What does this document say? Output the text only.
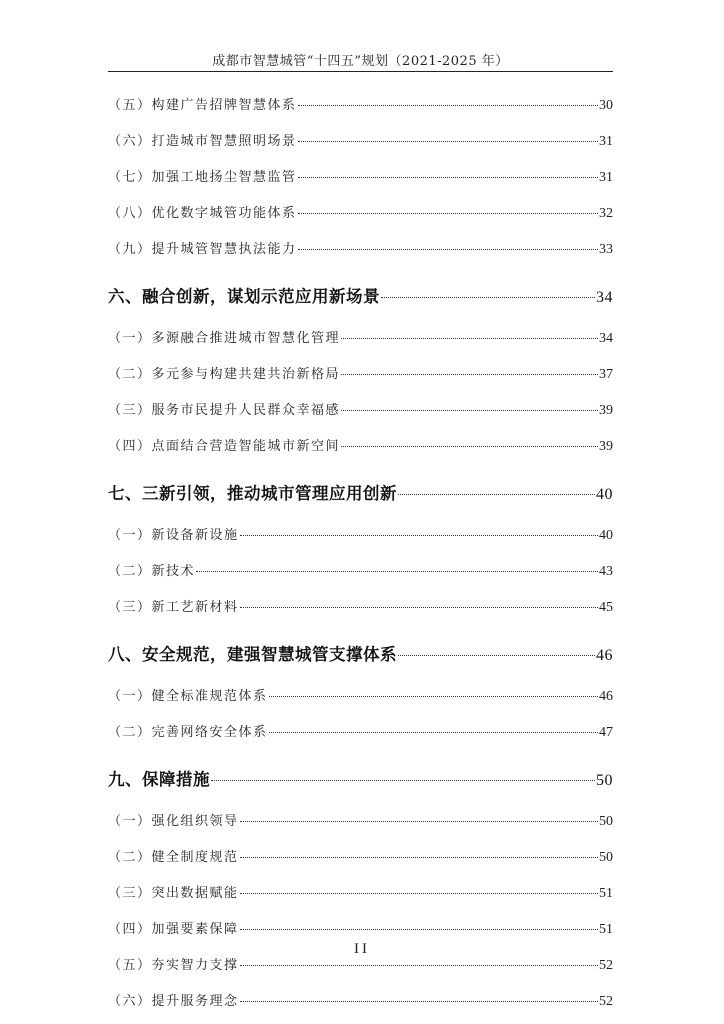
成都市智慧城管“十四五”规划（2021-2025 年）
（五）构建广告招牌智慧体系	30
（六）打造城市智慧照明场景	31
（七）加强工地扬尘智慧监管	31
（八）优化数字城管功能体系	32
（九）提升城管智慧执法能力	33
六、融合创新，谋划示范应用新场景	34
（一）多源融合推进城市智慧化管理	34
（二）多元参与构建共建共治新格局	37
（三）服务市民提升人民群众幸福感	39
（四）点面结合营造智能城市新空间	39
七、三新引领，推动城市管理应用创新	40
（一）新设备新设施	40
（二）新技术	43
（三）新工艺新材料	45
八、安全规范，建强智慧城管支撑体系	46
（一）健全标准规范体系	46
（二）完善网络安全体系	47
九、保障措施	50
（一）强化组织领导	50
（二）健全制度规范	50
（三）突出数据赋能	51
（四）加强要素保障	51
（五）夯实智力支撑	52
（六）提升服务理念	52
II
